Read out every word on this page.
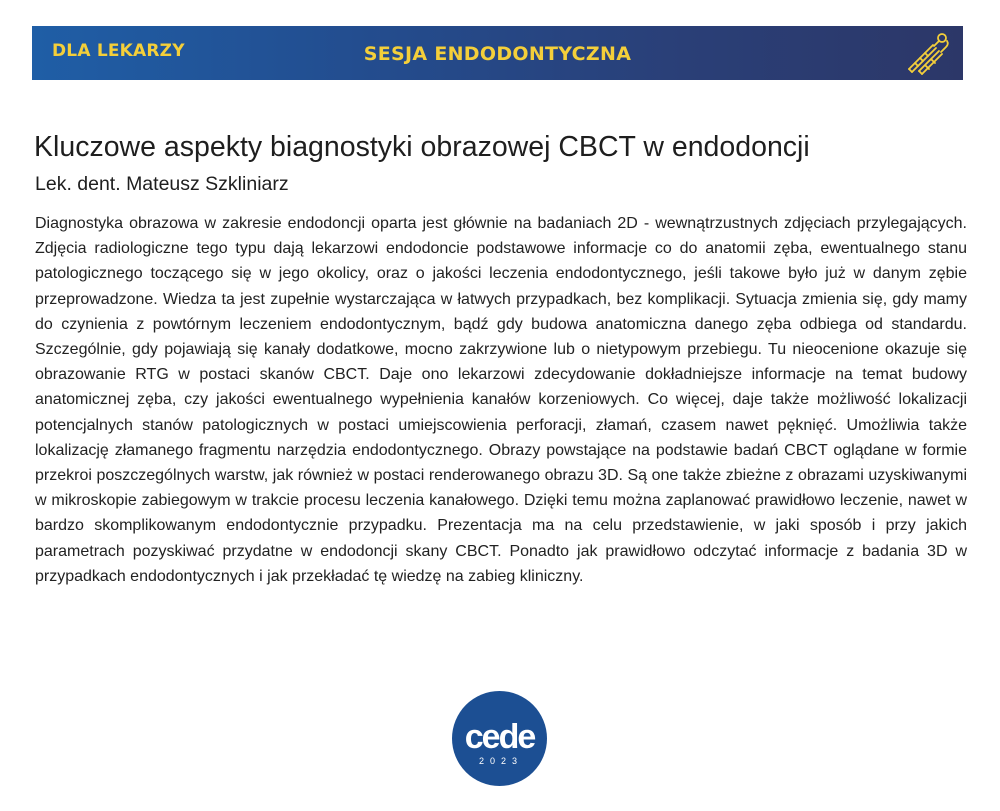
DLA LEKARZY	SESJA ENDODONTYCZNA
Kluczowe aspekty biagnostyki obrazowej CBCT w endodoncji
Lek. dent. Mateusz Szkliniarz

Diagnostyka obrazowa w zakresie endodoncji oparta jest głównie na badaniach 2D - wewnątrzustnych zdjęciach przylegających. Zdjęcia radiologiczne tego typu dają lekarzowi endodoncie podstawowe informacje co do anatomii zęba, ewentualnego stanu patologicznego toczącego się w jego okolicy, oraz o jakości leczenia endodontycznego, jeśli takowe było już w danym zębie przeprowadzone. Wiedza ta jest zupełnie wystarczająca w łatwych przypadkach, bez komplikacji. Sytuacja zmienia się, gdy mamy do czynienia z powtórnym leczeniem endodontycznym, bądź gdy budowa anatomiczna danego zęba odbiega od standardu. Szczególnie, gdy pojawiają się kanały dodatkowe, mocno zakrzywione lub o nietypowym przebiegu. Tu nieocenione okazuje się obrazowanie RTG w postaci skanów CBCT. Daje ono lekarzowi zdecydowanie dokładniejsze informacje na temat budowy anatomicznej zęba, czy jakości ewentualnego wypełnienia kanałów korzeniowych. Co więcej, daje także możliwość lokalizacji potencjalnych stanów patologicznych w postaci umiejscowienia perforacji, złamań, czasem nawet pęknięć. Umożliwia także lokalizację złamanego fragmentu narzędzia endodontycznego. Obrazy powstające na podstawie badań CBCT oglądane w formie przekroi poszczególnych warstw, jak również w postaci renderowanego obrazu 3D. Są one także zbieżne z obrazami uzyskiwanymi w mikroskopie zabiegowym w trakcie procesu leczenia kanałowego. Dzięki temu można zaplanować prawidłowo leczenie, nawet w bardzo skomplikowanym endodontycznie przypadku. Prezentacja ma na celu przedstawienie, w jaki sposób i przy jakich parametrach pozyskiwać przydatne w endodoncji skany CBCT. Ponadto jak prawidłowo odczytać informacje z badania 3D w przypadkach endodontycznych i jak przekładać tę wiedzę na zabieg kliniczny.

cede
2023
